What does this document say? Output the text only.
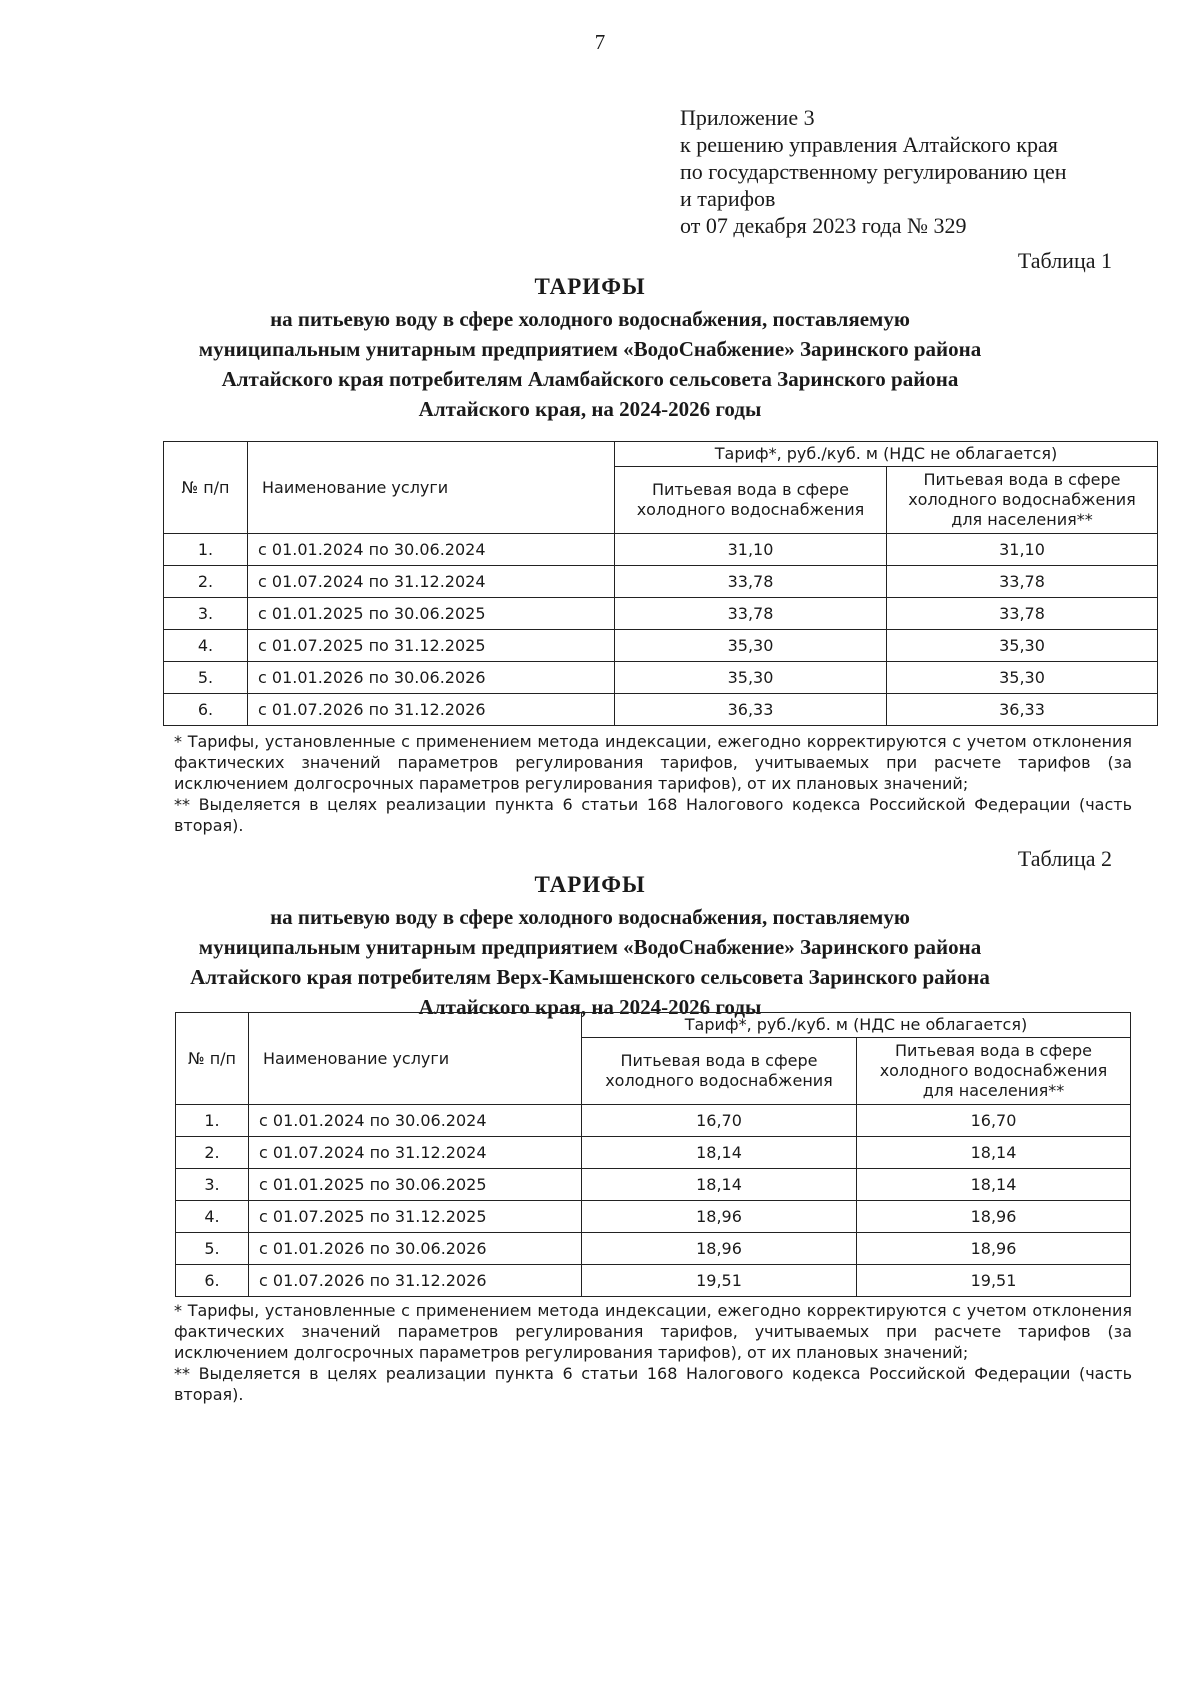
7
Приложение 3
к решению управления Алтайского края
по государственному регулированию цен
и тарифов
от 07 декабря 2023 года № 329
Таблица 1
ТАРИФЫ
на питьевую воду в сфере холодного водоснабжения, поставляемую
муниципальным унитарным предприятием «ВодоСнабжение» Заринского района
Алтайского края потребителям Аламбайского сельсовета Заринского района
Алтайского края, на 2024-2026 годы
№ п/п	Наименование услуги	Тариф*, руб./куб. м (НДС не облагается)	
		Питьевая вода в сфере холодного водоснабжения	Питьевая вода в сфере холодного водоснабжения для населения**
1.	с 01.01.2024 по 30.06.2024	31,10	31,10
2.	с 01.07.2024 по 31.12.2024	33,78	33,78
3.	с 01.01.2025 по 30.06.2025	33,78	33,78
4.	с 01.07.2025 по 31.12.2025	35,30	35,30
5.	с 01.01.2026 по 30.06.2026	35,30	35,30
6.	с 01.07.2026 по 31.12.2026	36,33	36,33

* Тарифы, установленные с применением метода индексации, ежегодно корректируются с учетом отклонения фактических значений параметров регулирования тарифов, учитываемых при расчете тарифов (за исключением долгосрочных параметров регулирования тарифов), от их плановых значений;

** Выделяется в целях реализации пункта 6 статьи 168 Налогового кодекса Российской Федерации (часть вторая).

Таблица 2
ТАРИФЫ
на питьевую воду в сфере холодного водоснабжения, поставляемую
муниципальным унитарным предприятием «ВодоСнабжение» Заринского района
Алтайского края потребителям Верх-Камышенского сельсовета Заринского района
Алтайского края, на 2024-2026 годы
№ п/п	Наименование услуги	Тариф*, руб./куб. м (НДС не облагается)	
		Питьевая вода в сфере холодного водоснабжения	Питьевая вода в сфере холодного водоснабжения для населения**
1.	с 01.01.2024 по 30.06.2024	16,70	16,70
2.	с 01.07.2024 по 31.12.2024	18,14	18,14
3.	с 01.01.2025 по 30.06.2025	18,14	18,14
4.	с 01.07.2025 по 31.12.2025	18,96	18,96
5.	с 01.01.2026 по 30.06.2026	18,96	18,96
6.	с 01.07.2026 по 31.12.2026	19,51	19,51

* Тарифы, установленные с применением метода индексации, ежегодно корректируются с учетом отклонения фактических значений параметров регулирования тарифов, учитываемых при расчете тарифов (за исключением долгосрочных параметров регулирования тарифов), от их плановых значений;

** Выделяется в целях реализации пункта 6 статьи 168 Налогового кодекса Российской Федерации (часть вторая).
